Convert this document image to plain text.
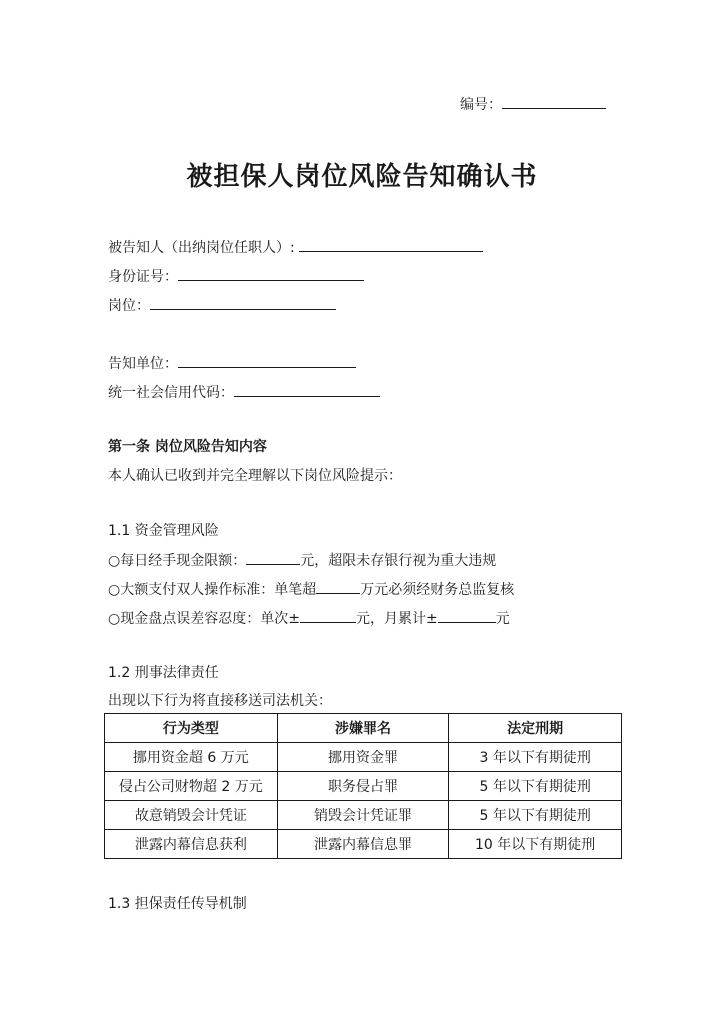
编号：
被担保人岗位风险告知确认书
被告知人（出纳岗位任职人）:
身份证号：
岗位：
告知单位：
统一社会信用代码：
第一条 岗位风险告知内容
本人确认已收到并完全理解以下岗位风险提示：
1.1 资金管理风险
○每日经手现金限额：	元，超限未存银行视为重大违规
○大额支付双人操作标准：单笔超	万元必须经财务总监复核
○现金盘点误差容忍度：单次±	元，月累计±	元
1.2 刑事法律责任
出现以下行为将直接移送司法机关：
行为类型	涉嫌罪名	法定刑期
挪用资金超 6 万元	挪用资金罪	3 年以下有期徒刑
侵占公司财物超 2 万元	职务侵占罪	5 年以下有期徒刑
故意销毁会计凭证	销毁会计凭证罪	5 年以下有期徒刑
泄露内幕信息获利	泄露内幕信息罪	10 年以下有期徒刑
1.3 担保责任传导机制
